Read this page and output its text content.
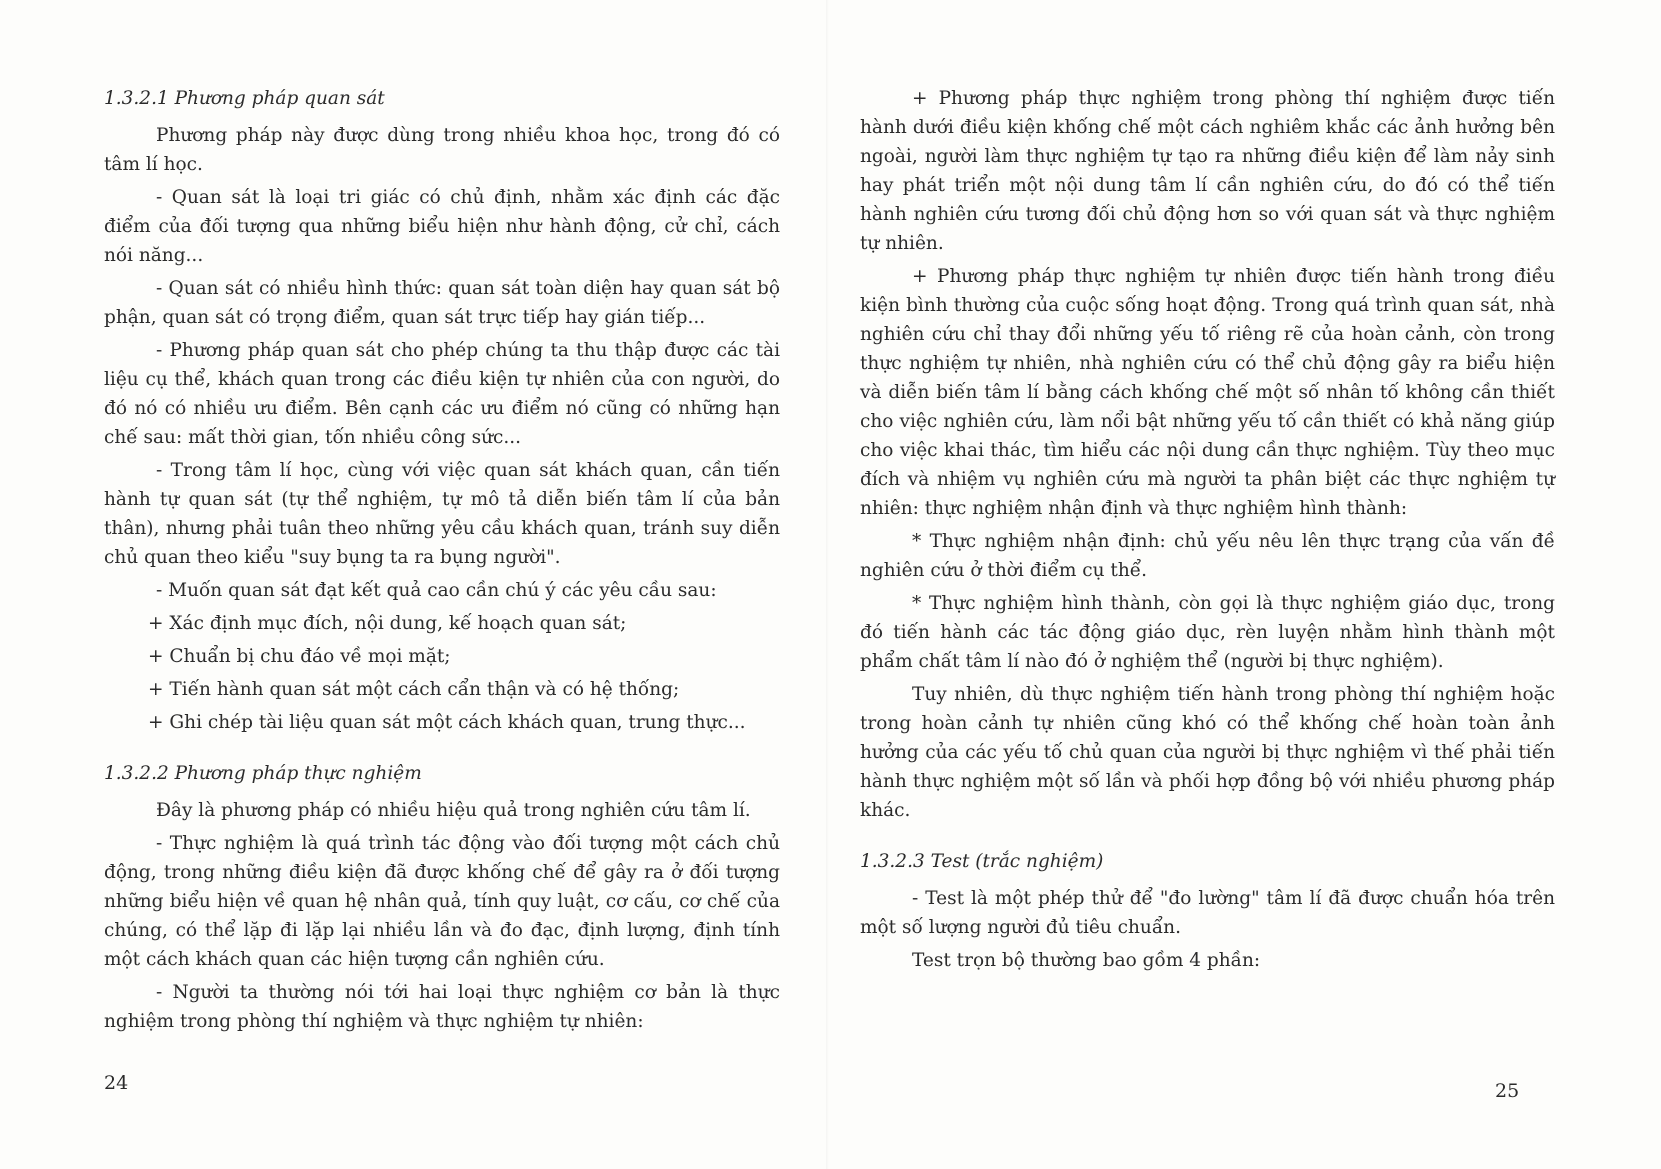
1.3.2.1 Phương pháp quan sát

Phương pháp này được dùng trong nhiều khoa học, trong đó có tâm lí học.

- Quan sát là loại tri giác có chủ định, nhằm xác định các đặc điểm của đối tượng qua những biểu hiện như hành động, cử chỉ, cách nói năng...

- Quan sát có nhiều hình thức: quan sát toàn diện hay quan sát bộ phận, quan sát có trọng điểm, quan sát trực tiếp hay gián tiếp...

- Phương pháp quan sát cho phép chúng ta thu thập được các tài liệu cụ thể, khách quan trong các điều kiện tự nhiên của con người, do đó nó có nhiều ưu điểm. Bên cạnh các ưu điểm nó cũng có những hạn chế sau: mất thời gian, tốn nhiều công sức...

- Trong tâm lí học, cùng với việc quan sát khách quan, cần tiến hành tự quan sát (tự thể nghiệm, tự mô tả diễn biến tâm lí của bản thân), nhưng phải tuân theo những yêu cầu khách quan, tránh suy diễn chủ quan theo kiểu "suy bụng ta ra bụng người".

- Muốn quan sát đạt kết quả cao cần chú ý các yêu cầu sau:

+ Xác định mục đích, nội dung, kế hoạch quan sát;

+ Chuẩn bị chu đáo về mọi mặt;

+ Tiến hành quan sát một cách cẩn thận và có hệ thống;

+ Ghi chép tài liệu quan sát một cách khách quan, trung thực...

1.3.2.2 Phương pháp thực nghiệm

Đây là phương pháp có nhiều hiệu quả trong nghiên cứu tâm lí.

- Thực nghiệm là quá trình tác động vào đối tượng một cách chủ động, trong những điều kiện đã được khống chế để gây ra ở đối tượng những biểu hiện về quan hệ nhân quả, tính quy luật, cơ cấu, cơ chế của chúng, có thể lặp đi lặp lại nhiều lần và đo đạc, định lượng, định tính một cách khách quan các hiện tượng cần nghiên cứu.

- Người ta thường nói tới hai loại thực nghiệm cơ bản là thực nghiệm trong phòng thí nghiệm và thực nghiệm tự nhiên:

24

+ Phương pháp thực nghiệm trong phòng thí nghiệm được tiến hành dưới điều kiện khống chế một cách nghiêm khắc các ảnh hưởng bên ngoài, người làm thực nghiệm tự tạo ra những điều kiện để làm nảy sinh hay phát triển một nội dung tâm lí cần nghiên cứu, do đó có thể tiến hành nghiên cứu tương đối chủ động hơn so với quan sát và thực nghiệm tự nhiên.

+ Phương pháp thực nghiệm tự nhiên được tiến hành trong điều kiện bình thường của cuộc sống hoạt động. Trong quá trình quan sát, nhà nghiên cứu chỉ thay đổi những yếu tố riêng rẽ của hoàn cảnh, còn trong thực nghiệm tự nhiên, nhà nghiên cứu có thể chủ động gây ra biểu hiện và diễn biến tâm lí bằng cách khống chế một số nhân tố không cần thiết cho việc nghiên cứu, làm nổi bật những yếu tố cần thiết có khả năng giúp cho việc khai thác, tìm hiểu các nội dung cần thực nghiệm. Tùy theo mục đích và nhiệm vụ nghiên cứu mà người ta phân biệt các thực nghiệm tự nhiên: thực nghiệm nhận định và thực nghiệm hình thành:

* Thực nghiệm nhận định: chủ yếu nêu lên thực trạng của vấn đề nghiên cứu ở thời điểm cụ thể.

* Thực nghiệm hình thành, còn gọi là thực nghiệm giáo dục, trong đó tiến hành các tác động giáo dục, rèn luyện nhằm hình thành một phẩm chất tâm lí nào đó ở nghiệm thể (người bị thực nghiệm).

Tuy nhiên, dù thực nghiệm tiến hành trong phòng thí nghiệm hoặc trong hoàn cảnh tự nhiên cũng khó có thể khống chế hoàn toàn ảnh hưởng của các yếu tố chủ quan của người bị thực nghiệm vì thế phải tiến hành thực nghiệm một số lần và phối hợp đồng bộ với nhiều phương pháp khác.

1.3.2.3 Test (trắc nghiệm)

- Test là một phép thử để "đo lường" tâm lí đã được chuẩn hóa trên một số lượng người đủ tiêu chuẩn.

Test trọn bộ thường bao gồm 4 phần:

25
